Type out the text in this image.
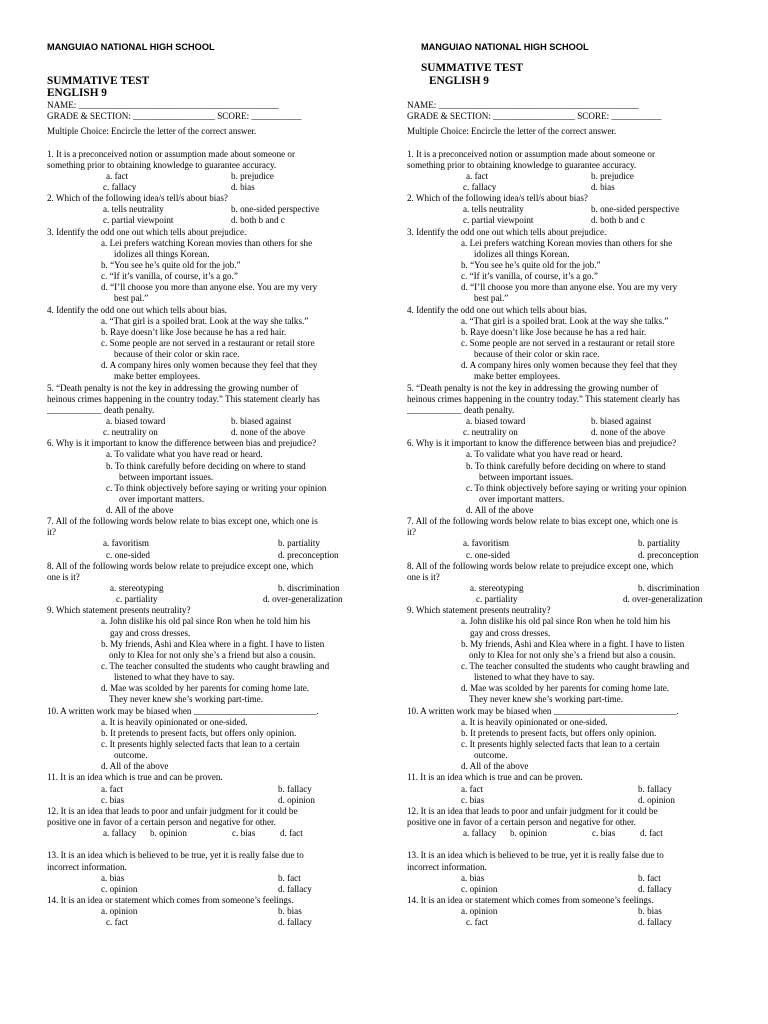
MANGUIAO NATIONAL HIGH SCHOOL
SUMMATIVE TEST
ENGLISH 9
NAME: ____________________________________________
GRADE & SECTION: __________________ SCORE: ___________
Multiple Choice: Encircle the letter of the correct answer.
1. It is a preconceived notion or assumption made about someone or
something prior to obtaining knowledge to guarantee accuracy.
a. fact	b. prejudice
c. fallacy	d. bias
2. Which of the following idea/s tell/s about bias?
a. tells neutrality	b. one-sided perspective
c. partial viewpoint	d. both b and c
3. Identify the odd one out which tells about prejudice.
a. Lei prefers watching Korean movies than others for she
idolizes all things Korean.
b. “You see he’s quite old for the job.”
c. “If it’s vanilla, of course, it’s a go.”
d. “I’ll choose you more than anyone else. You are my very
best pal.”
4. Identify the odd one out which tells about bias.
a. “That girl is a spoiled brat. Look at the way she talks.”
b. Raye doesn’t like Jose because he has a red hair.
c. Some people are not served in a restaurant or retail store
because of their color or skin race.
d. A company hires only women because they feel that they
make better employees.
5. “Death penalty is not the key in addressing the growing number of
heinous crimes happening in the country today.” This statement clearly has
____________ death penalty.
a. biased toward	b. biased against
c. neutrality on	d. none of the above
6. Why is it important to know the difference between bias and prejudice?
a. To validate what you have read or heard.
b. To think carefully before deciding on where to stand
between important issues.
c. To think objectively before saying or writing your opinion
over important matters.
d. All of the above
7. All of the following words below relate to bias except one, which one is
it?
a. favoritism	b. partiality
c. one-sided	d. preconception
8. All of the following words below relate to prejudice except one, which
one is it?
a. stereotyping	b. discrimination
c. partiality	d. over-generalization
9. Which statement presents neutrality?
a. John dislike his old pal since Ron when he told him his
gay and cross dresses.
b. My friends, Ashi and Klea where in a fight. I have to listen
only to Klea for not only she’s a friend but also a cousin.
c. The teacher consulted the students who caught brawling and
listened to what they have to say.
d. Mae was scolded by her parents for coming home late.
They never knew she’s working part-time.
10. A written work may be biased when ___________________________.
a. It is heavily opinionated or one-sided.
b. It pretends to present facts, but offers only opinion.
c. It presents highly selected facts that lean to a certain
outcome.
d. All of the above
11. It is an idea which is true and can be proven.
a. fact	b. fallacy
c. bias	d. opinion
12. It is an idea that leads to poor and unfair judgment for it could be
positive one in favor of a certain person and negative for other.
a. fallacy	b. opinion	c. bias	d. fact
13. It is an idea which is believed to be true, yet it is really false due to
incorrect information.
a. bias	b. fact
c. opinion	d. fallacy
14. It is an idea or statement which comes from someone’s feelings.
a. opinion	b. bias
c. fact	d. fallacy
MANGUIAO NATIONAL HIGH SCHOOL
SUMMATIVE TEST
ENGLISH 9
NAME: ____________________________________________
GRADE & SECTION: __________________ SCORE: ___________
Multiple Choice: Encircle the letter of the correct answer.
1. It is a preconceived notion or assumption made about someone or
something prior to obtaining knowledge to guarantee accuracy.
a. fact	b. prejudice
c. fallacy	d. bias
2. Which of the following idea/s tell/s about bias?
a. tells neutrality	b. one-sided perspective
c. partial viewpoint	d. both b and c
3. Identify the odd one out which tells about prejudice.
a. Lei prefers watching Korean movies than others for she
idolizes all things Korean.
b. “You see he’s quite old for the job.”
c. “If it’s vanilla, of course, it’s a go.”
d. “I’ll choose you more than anyone else. You are my very
best pal.”
4. Identify the odd one out which tells about bias.
a. “That girl is a spoiled brat. Look at the way she talks.”
b. Raye doesn’t like Jose because he has a red hair.
c. Some people are not served in a restaurant or retail store
because of their color or skin race.
d. A company hires only women because they feel that they
make better employees.
5. “Death penalty is not the key in addressing the growing number of
heinous crimes happening in the country today.” This statement clearly has
____________ death penalty.
a. biased toward	b. biased against
c. neutrality on	d. none of the above
6. Why is it important to know the difference between bias and prejudice?
a. To validate what you have read or heard.
b. To think carefully before deciding on where to stand
between important issues.
c. To think objectively before saying or writing your opinion
over important matters.
d. All of the above
7. All of the following words below relate to bias except one, which one is
it?
a. favoritism	b. partiality
c. one-sided	d. preconception
8. All of the following words below relate to prejudice except one, which
one is it?
a. stereotyping	b. discrimination
c. partiality	d. over-generalization
9. Which statement presents neutrality?
a. John dislike his old pal since Ron when he told him his
gay and cross dresses.
b. My friends, Ashi and Klea where in a fight. I have to listen
only to Klea for not only she’s a friend but also a cousin.
c. The teacher consulted the students who caught brawling and
listened to what they have to say.
d. Mae was scolded by her parents for coming home late.
They never knew she’s working part-time.
10. A written work may be biased when ___________________________.
a. It is heavily opinionated or one-sided.
b. It pretends to present facts, but offers only opinion.
c. It presents highly selected facts that lean to a certain
outcome.
d. All of the above
11. It is an idea which is true and can be proven.
a. fact	b. fallacy
c. bias	d. opinion
12. It is an idea that leads to poor and unfair judgment for it could be
positive one in favor of a certain person and negative for other.
a. fallacy	b. opinion	c. bias	d. fact
13. It is an idea which is believed to be true, yet it is really false due to
incorrect information.
a. bias	b. fact
c. opinion	d. fallacy
14. It is an idea or statement which comes from someone’s feelings.
a. opinion	b. bias
c. fact	d. fallacy
